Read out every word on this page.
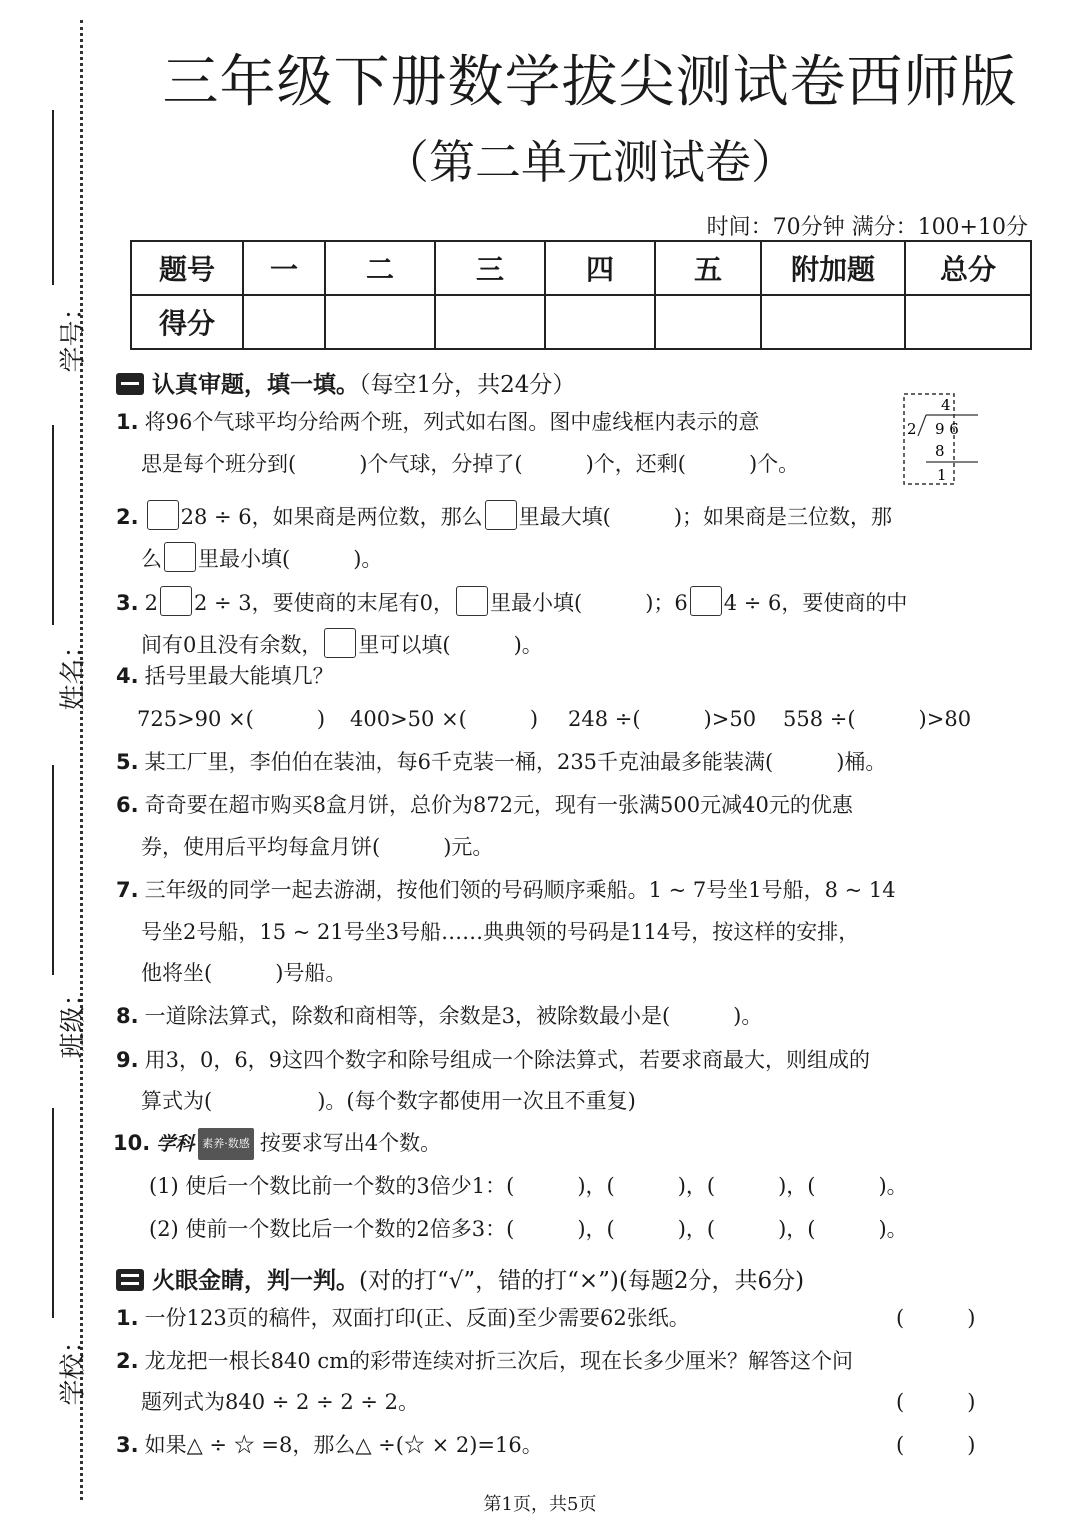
学号：
姓名：
班级：
学校：
三年级下册数学拔尖测试卷西师版
（第二单元测试卷）
时间：70分钟 满分：100+10分
题号	一	二	三	四	五	附加题	总分
得分							
认真审题，填一填。（每空1分，共24分）
1. 将96个气球平均分给两个班，列式如右图。图中虚线框内表示的意
思是每个班分到(　　　)个气球，分掉了(　　　)个，还剩(　　　)个。
4
2 9 6
8
1
2. 28 ÷ 6，如果商是两位数，那么 里最大填(　　　)；如果商是三位数，那
么 里最小填(　　　)。
3. 2 2 ÷ 3，要使商的末尾有0， 里最小填(　　　)；6 4 ÷ 6，要使商的中
间有0且没有余数， 里可以填(　　　)。
4. 括号里最大能填几？
725>90 ×(　　　) 400>50 ×(　　　) 248 ÷(　　　)>50 558 ÷(　　　)>80
5. 某工厂里，李伯伯在装油，每6千克装一桶，235千克油最多能装满(　　　)桶。
6. 奇奇要在超市购买8盒月饼，总价为872元，现有一张满500元减40元的优惠
券，使用后平均每盒月饼(　　　)元。
7. 三年级的同学一起去游湖，按他们领的号码顺序乘船。1 ~ 7号坐1号船，8 ~ 14
号坐2号船，15 ~ 21号坐3号船……典典领的号码是114号，按这样的安排，
他将坐(　　　)号船。
8. 一道除法算式，除数和商相等，余数是3，被除数最小是(　　　)。
9. 用3，0，6，9这四个数字和除号组成一个除法算式，若要求商最大，则组成的
算式为(　　　　　)。(每个数字都使用一次且不重复)
10. 学科 素养·数感 按要求写出4个数。
(1) 使后一个数比前一个数的3倍少1：(　　　)，(　　　)，(　　　)，(　　　)。
(2) 使前一个数比后一个数的2倍多3：(　　　)，(　　　)，(　　　)，(　　　)。
火眼金睛，判一判。(对的打“√”，错的打“×”)(每题2分，共6分)
1. 一份123页的稿件，双面打印(正、反面)至少需要62张纸。	(　　　)
2. 龙龙把一根长840 cm的彩带连续对折三次后，现在长多少厘米？解答这个问
题列式为840 ÷ 2 ÷ 2 ÷ 2。	(　　　)
3. 如果△ ÷ ☆ =8，那么△ ÷(☆ × 2)=16。	(　　　)
第1页，共5页
